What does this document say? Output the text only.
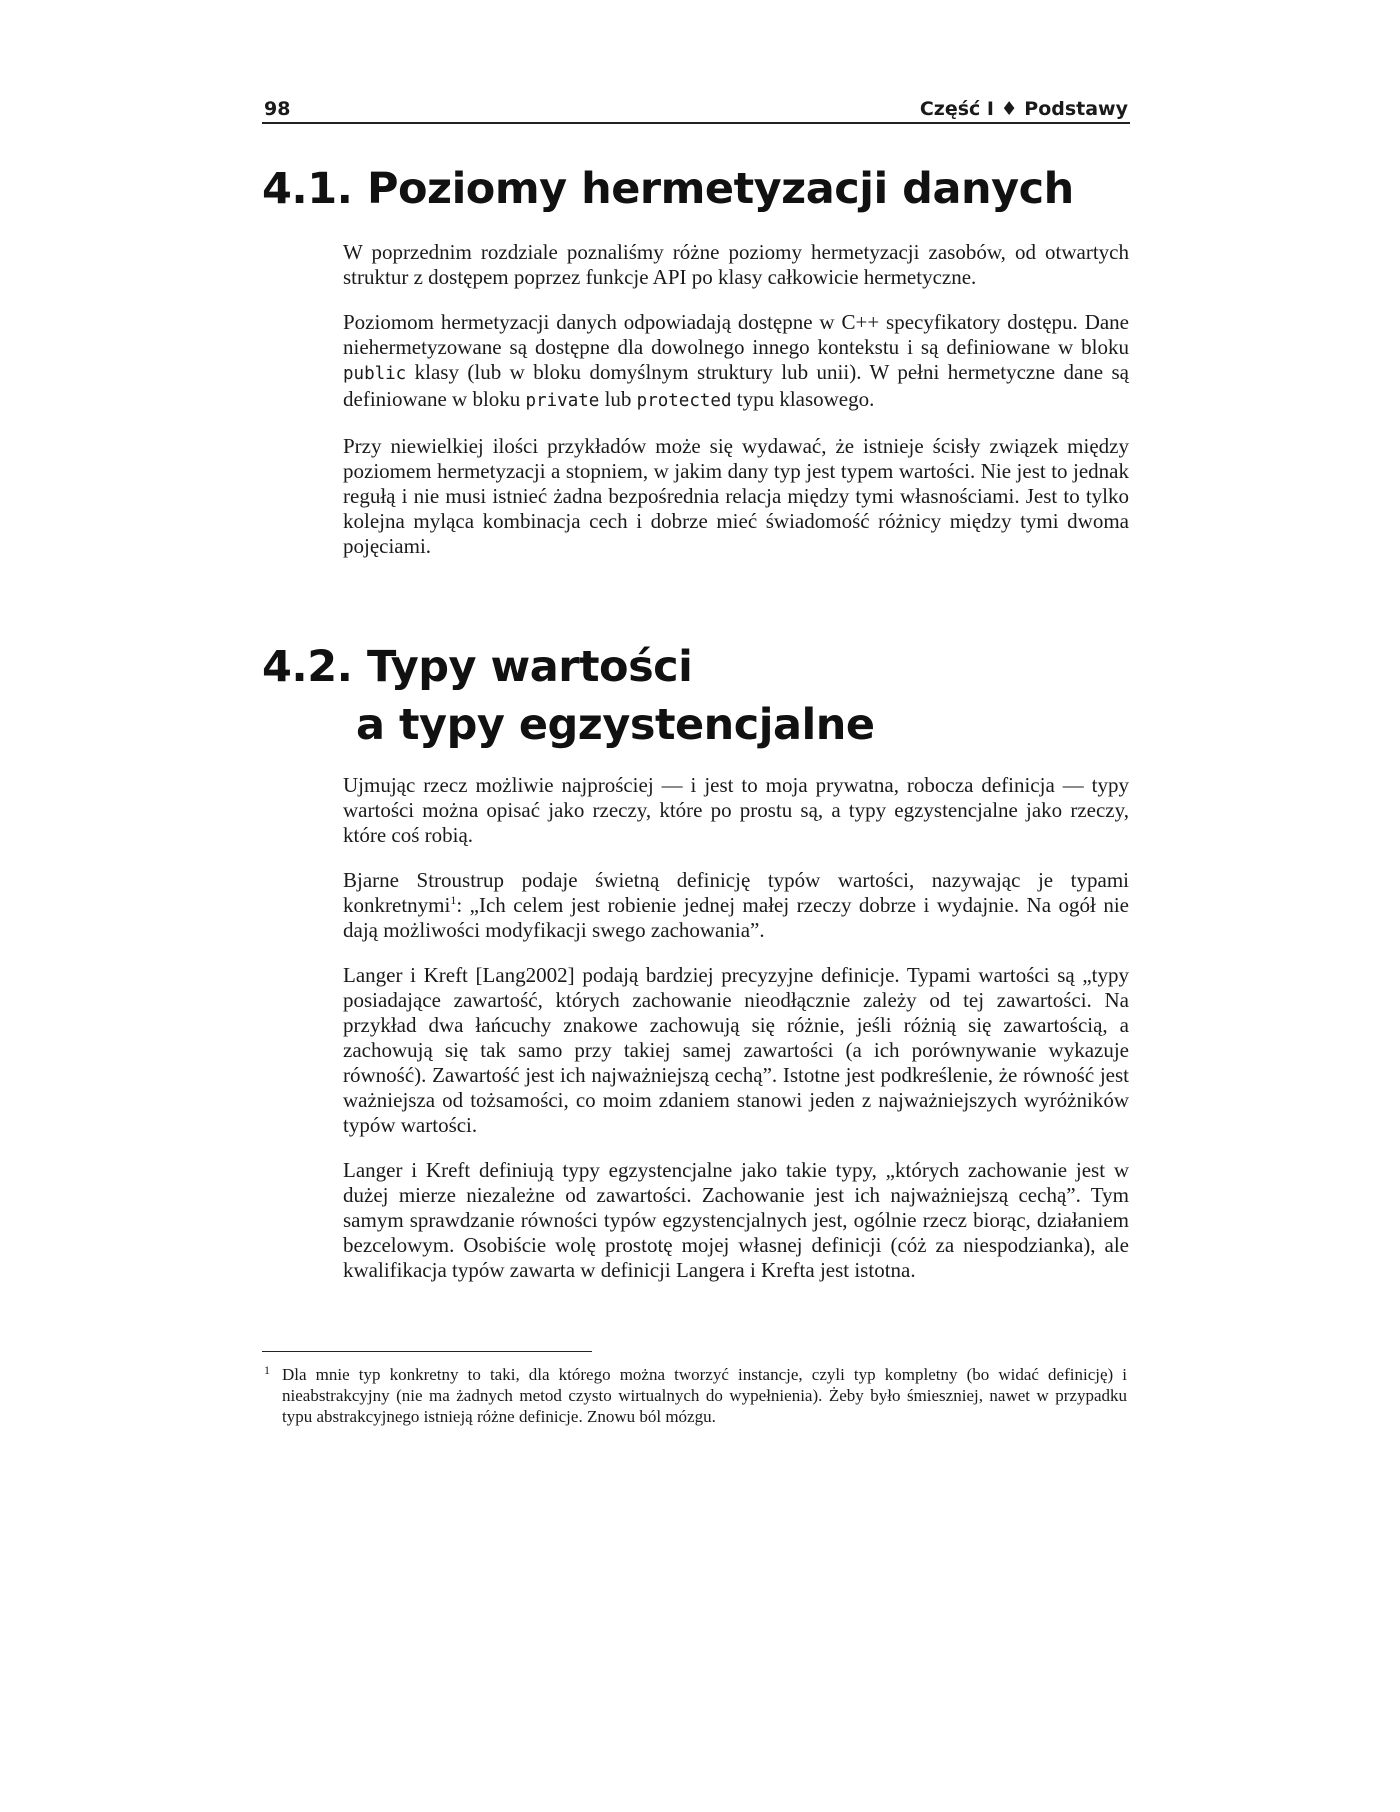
98	Część I ♦ Podstawy
4.1. Poziomy hermetyzacji danych

W poprzednim rozdziale poznaliśmy różne poziomy hermetyzacji zasobów, od otwartych struktur z dostępem poprzez funkcje API po klasy całkowicie hermetyczne.

Poziomom hermetyzacji danych odpowiadają dostępne w C++ specyfikatory dostępu. Dane niehermetyzowane są dostępne dla dowolnego innego kontekstu i są definiowane w bloku public klasy (lub w bloku domyślnym struktury lub unii). W pełni hermetyczne dane są definiowane w bloku private lub protected typu klasowego.

Przy niewielkiej ilości przykładów może się wydawać, że istnieje ścisły związek między poziomem hermetyzacji a stopniem, w jakim dany typ jest typem wartości. Nie jest to jednak regułą i nie musi istnieć żadna bezpośrednia relacja między tymi własnościami. Jest to tylko kolejna myląca kombinacja cech i dobrze mieć świadomość różnicy między tymi dwoma pojęciami.

4.2. Typy wartości
a typy egzystencjalne

Ujmując rzecz możliwie najprościej — i jest to moja prywatna, robocza definicja — typy wartości można opisać jako rzeczy, które po prostu są, a typy egzystencjalne jako rzeczy, które coś robią.

Bjarne Stroustrup podaje świetną definicję typów wartości, nazywając je typami konkretnymi$^1$: „Ich celem jest robienie jednej małej rzeczy dobrze i wydajnie. Na ogół nie dają możliwości modyfikacji swego zachowania”.

Langer i Kreft [Lang2002] podają bardziej precyzyjne definicje. Typami wartości są „typy posiadające zawartość, których zachowanie nieodłącznie zależy od tej zawartości. Na przykład dwa łańcuchy znakowe zachowują się różnie, jeśli różnią się zawartością, a zachowują się tak samo przy takiej samej zawartości (a ich porównywanie wykazuje równość). Zawartość jest ich najważniejszą cechą”. Istotne jest podkreślenie, że równość jest ważniejsza od tożsamości, co moim zdaniem stanowi jeden z najważniejszych wyróżników typów wartości.

Langer i Kreft definiują typy egzystencjalne jako takie typy, „których zachowanie jest w dużej mierze niezależne od zawartości. Zachowanie jest ich najważniejszą cechą”. Tym samym sprawdzanie równości typów egzystencjalnych jest, ogólnie rzecz biorąc, działaniem bezcelowym. Osobiście wolę prostotę mojej własnej definicji (cóż za niespodzianka), ale kwalifikacja typów zawarta w definicji Langera i Krefta jest istotna.

1 Dla mnie typ konkretny to taki, dla którego można tworzyć instancje, czyli typ kompletny (bo widać definicję) i nieabstrakcyjny (nie ma żadnych metod czysto wirtualnych do wypełnienia). Żeby było śmieszniej, nawet w przypadku typu abstrakcyjnego istnieją różne definicje. Znowu ból mózgu.
